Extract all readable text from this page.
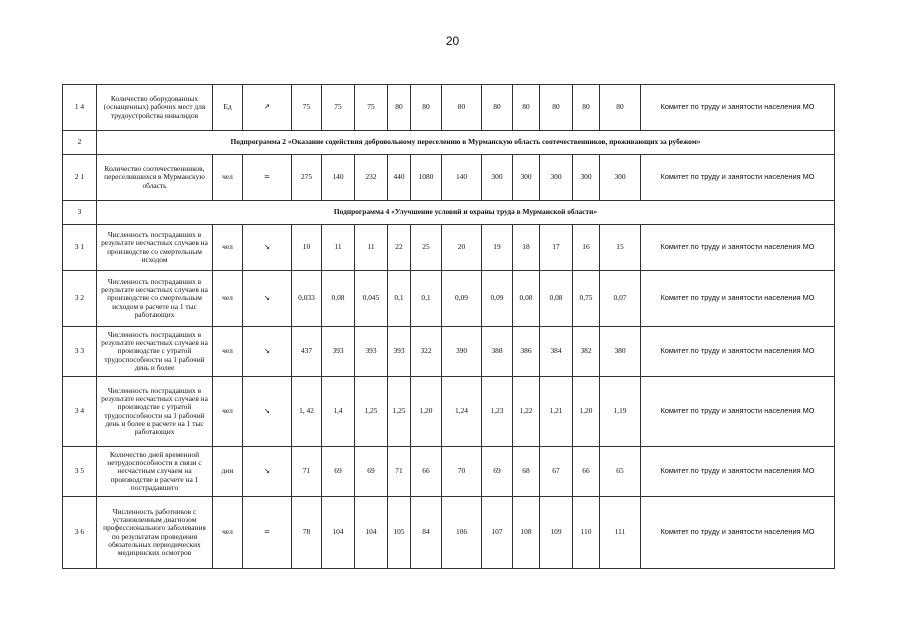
20
1 4	Количество оборудованных (оснащенных) рабочих мест для трудоустройства инвалидов	Ед	↗	75	75	75	80	80	80	80	80	80	80	80	Комитет по труду и занятости населения МО
2	Подпрограмма 2 «Оказание содействия добровольному переселению в Мурманскую область соотечественников, проживающих за рубежом»														
2 1	Количество соотечественников, переселившихся в Мурманскую область	чел	=	275	140	232	440	1080	140	300	300	300	300	300	Комитет по труду и занятости населения МО
3	Подпрограмма 4 «Улучшение условий и охраны труда в Мурманской области»														
3 1	Численность пострадавших в результате несчастных случаев на производстве со смертельным исходом	чел	↘	10	11	11	22	25	20	19	18	17	16	15	Комитет по труду и занятости населения МО
3 2	Численность пострадавших в результате несчастных случаев на производстве со смертельным исходом в расчете на 1 тыс работающих	чел	↘	0,033	0,08	0,045	0,1	0,1	0,09	0,09	0,08	0,08	0,75	0,07	Комитет по труду и занятости населения МО
3 3	Численность пострадавших в результате несчастных случаев на производстве с утратой трудоспособности на 1 рабочий день и более	чел	↘	437	393	393	393	322	390	388	386	384	382	380	Комитет по труду и занятости населения МО
3 4	Численность пострадавших в результате несчастных случаев на производстве с утратой трудоспособности на 1 рабочий день и более в расчете на 1 тыс работающих	чел	↘	1, 42	1,4	1,25	1,25	1,20	1,24	1,23	1,22	1,21	1,20	1,19	Комитет по труду и занятости населения МО
3 5	Количество дней временной нетрудоспособности в связи с несчастным случаем на производстве в расчете на 1 пострадавшего	дни	↘	71	69	69	71	66	70	69	68	67	66	65	Комитет по труду и занятости населения МО
3 6	Численность работников с установленным диагнозом профессионального заболевания по результатам проведения обязательных периодических медицинских осмотров	чел	=	78	104	104	105	84	106	107	108	109	110	111	Комитет по труду и занятости населения МО
